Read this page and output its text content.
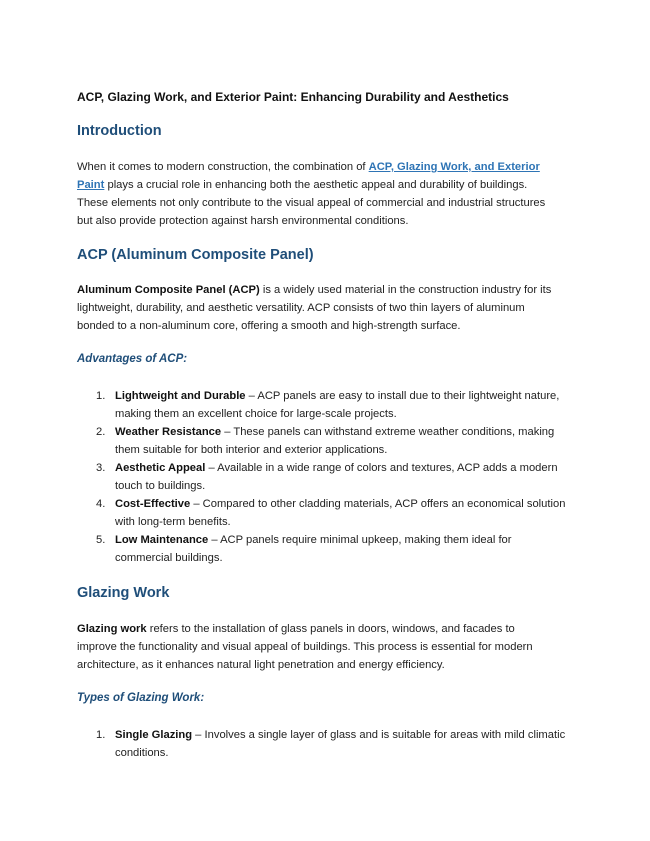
ACP, Glazing Work, and Exterior Paint: Enhancing Durability and Aesthetics
Introduction

When it comes to modern construction, the combination of ACP, Glazing Work, and Exterior Paint plays a crucial role in enhancing both the aesthetic appeal and durability of buildings. These elements not only contribute to the visual appeal of commercial and industrial structures but also provide protection against harsh environmental conditions.

ACP (Aluminum Composite Panel)

Aluminum Composite Panel (ACP) is a widely used material in the construction industry for its lightweight, durability, and aesthetic versatility. ACP consists of two thin layers of aluminum bonded to a non-aluminum core, offering a smooth and high-strength surface.

Advantages of ACP:
1. Lightweight and Durable – ACP panels are easy to install due to their lightweight nature, making them an excellent choice for large-scale projects.
2. Weather Resistance – These panels can withstand extreme weather conditions, making them suitable for both interior and exterior applications.
3. Aesthetic Appeal – Available in a wide range of colors and textures, ACP adds a modern touch to buildings.
4. Cost-Effective – Compared to other cladding materials, ACP offers an economical solution with long-term benefits.
5. Low Maintenance – ACP panels require minimal upkeep, making them ideal for commercial buildings.
Glazing Work

Glazing work refers to the installation of glass panels in doors, windows, and facades to improve the functionality and visual appeal of buildings. This process is essential for modern architecture, as it enhances natural light penetration and energy efficiency.

Types of Glazing Work:
1. Single Glazing – Involves a single layer of glass and is suitable for areas with mild climatic conditions.
